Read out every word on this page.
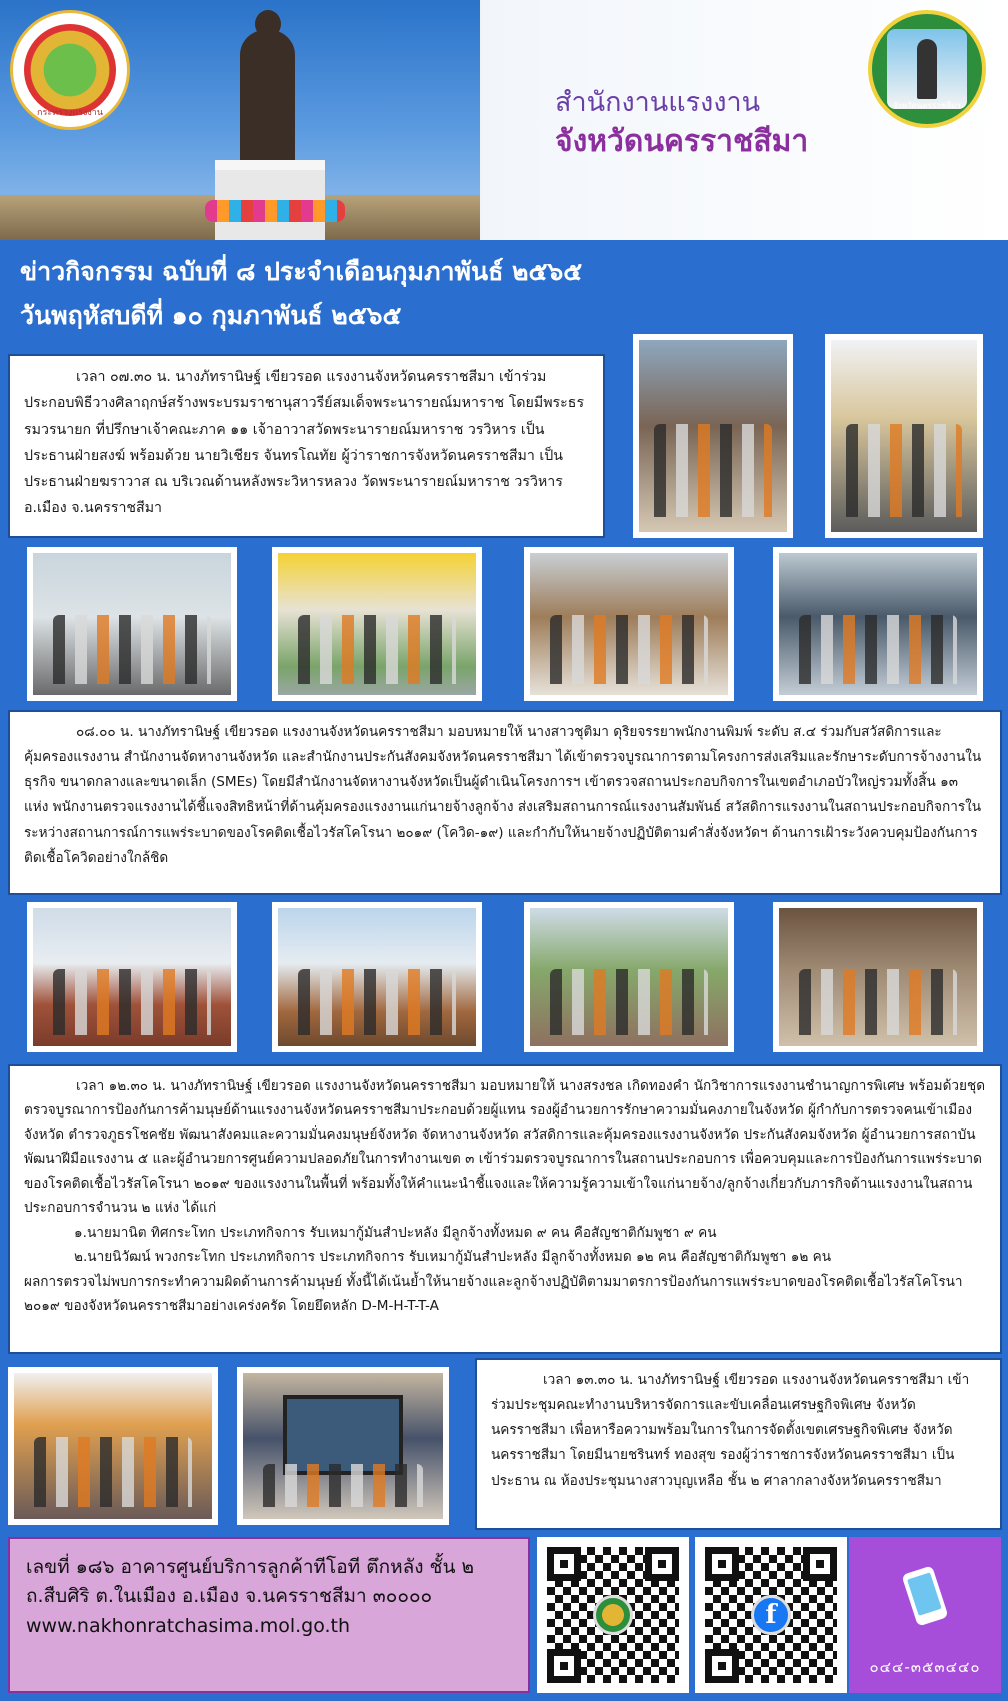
กระทรวงแรงงาน
จังหวัดนครราชสีมา
สำนักงานแรงงาน
จังหวัดนครราชสีมา
ข่าวกิจกรรม ฉบับที่ ๘ ประจำเดือนกุมภาพันธ์ ๒๕๖๕
วันพฤหัสบดีที่ ๑๐ กุมภาพันธ์ ๒๕๖๕

เวลา ๐๗.๓๐ น. นางภัทรานิษฐ์ เขียวรอด แรงงานจังหวัดนครราชสีมา เข้าร่วมประกอบพิธีวางศิลาฤกษ์สร้างพระบรมราชานุสาวรีย์สมเด็จพระนารายณ์มหาราช โดยมีพระธรรมวรนายก ที่ปรึกษาเจ้าคณะภาค ๑๑ เจ้าอาวาสวัดพระนารายณ์มหาราช วรวิหาร เป็นประธานฝ่ายสงฆ์ พร้อมด้วย นายวิเชียร จันทรโณทัย ผู้ว่าราชการจังหวัดนครราชสีมา เป็นประธานฝ่ายฆราวาส ณ บริเวณด้านหลังพระวิหารหลวง วัดพระนารายณ์มหาราช วรวิหาร อ.เมือง จ.นครราชสีมา

๐๘.๐๐ น. นางภัทรานิษฐ์ เขียวรอด แรงงานจังหวัดนครราชสีมา มอบหมายให้ นางสาวชุติมา ดุริยจรรยาพนักงานพิมพ์ ระดับ ส.๔ ร่วมกับสวัสดิการและคุ้มครองแรงงาน สำนักงานจัดหางานจังหวัด และสำนักงานประกันสังคมจังหวัดนครราชสีมา ได้เข้าตรวจบูรณาการตามโครงการส่งเสริมและรักษาระดับการจ้างงานในธุรกิจ ขนาดกลางและขนาดเล็ก (SMEs) โดยมีสำนักงานจัดหางานจังหวัดเป็นผู้ดำเนินโครงการฯ เข้าตรวจสถานประกอบกิจการในเขตอำเภอบัวใหญ่รวมทั้งสิ้น ๑๓ แห่ง พนักงานตรวจแรงงานได้ชี้แจงสิทธิหน้าที่ด้านคุ้มครองแรงงานแก่นายจ้างลูกจ้าง ส่งเสริมสถานการณ์แรงงานสัมพันธ์ สวัสดิการแรงงานในสถานประกอบกิจการในระหว่างสถานการณ์การแพร่ระบาดของโรคติดเชื้อไวรัสโคโรนา ๒๐๑๙ (โควิด-๑๙) และกำกับให้นายจ้างปฏิบัติตามคำสั่งจังหวัดฯ ด้านการเฝ้าระวังควบคุมป้องกันการติดเชื้อโควิดอย่างใกล้ชิด

เวลา ๑๒.๓๐ น. นางภัทรานิษฐ์ เขียวรอด แรงงานจังหวัดนครราชสีมา มอบหมายให้ นางสรงชล เกิดทองคำ นักวิชาการแรงงานชำนาญการพิเศษ พร้อมด้วยชุดตรวจบูรณาการป้องกันการค้ามนุษย์ด้านแรงงานจังหวัดนครราชสีมาประกอบด้วยผู้แทน รองผู้อำนวยการรักษาความมั่นคงภายในจังหวัด ผู้กำกับการตรวจคนเข้าเมืองจังหวัด ตำรวจภูธรโชคชัย พัฒนาสังคมและความมั่นคงมนุษย์จังหวัด จัดหางานจังหวัด สวัสดิการและคุ้มครองแรงงานจังหวัด ประกันสังคมจังหวัด ผู้อำนวยการสถาบันพัฒนาฝีมือแรงงาน ๕ และผู้อำนวยการศูนย์ความปลอดภัยในการทำงานเขต ๓ เข้าร่วมตรวจบูรณาการในสถานประกอบการ เพื่อควบคุมและการป้องกันการแพร่ระบาดของโรคติดเชื้อไวรัสโคโรนา ๒๐๑๙ ของแรงงานในพื้นที่ พร้อมทั้งให้คำแนะนำชี้แจงและให้ความรู้ความเข้าใจแก่นายจ้าง/ลูกจ้างเกี่ยวกับภารกิจด้านแรงงานในสถานประกอบการจำนวน ๒ แห่ง ได้แก่

๑.นายมานิต ทิศกระโทก ประเภทกิจการ รับเหมากู้มันสำปะหลัง มีลูกจ้างทั้งหมด ๙ คน คือสัญชาติกัมพูชา ๙ คน

๒.นายนิวัฒน์ พวงกระโทก ประเภทกิจการ ประเภทกิจการ รับเหมากู้มันสำปะหลัง มีลูกจ้างทั้งหมด ๑๒ คน คือสัญชาติกัมพูชา ๑๒ คน

ผลการตรวจไม่พบการกระทำความผิดด้านการค้ามนุษย์ ทั้งนี้ได้เน้นย้ำให้นายจ้างและลูกจ้างปฏิบัติตามมาตรการป้องกันการแพร่ระบาดของโรคติดเชื้อไวรัสโคโรนา ๒๐๑๙ ของจังหวัดนครราชสีมาอย่างเคร่งครัด โดยยึดหลัก D-M-H-T-T-A

เวลา ๑๓.๓๐ น. นางภัทรานิษฐ์ เขียวรอด แรงงานจังหวัดนครราชสีมา เข้าร่วมประชุมคณะทำงานบริหารจัดการและขับเคลื่อนเศรษฐกิจพิเศษ จังหวัดนครราชสีมา เพื่อหารือความพร้อมในการในการจัดตั้งเขตเศรษฐกิจพิเศษ จังหวัดนครราชสีมา โดยมีนายชรินทร์ ทองสุข รองผู้ว่าราชการจังหวัดนครราชสีมา เป็นประธาน ณ ห้องประชุมนางสาวบุญเหลือ ชั้น ๒ ศาลากลางจังหวัดนครราชสีมา

เลขที่ ๑๘๖ อาคารศูนย์บริการลูกค้าทีโอที ตึกหลัง ชั้น ๒
ถ.สืบศิริ ต.ในเมือง อ.เมือง จ.นครราชสีมา ๓๐๐๐๐
www.nakhonratchasima.mol.go.th	f
๐๔๔-๓๕๓๔๔๐
